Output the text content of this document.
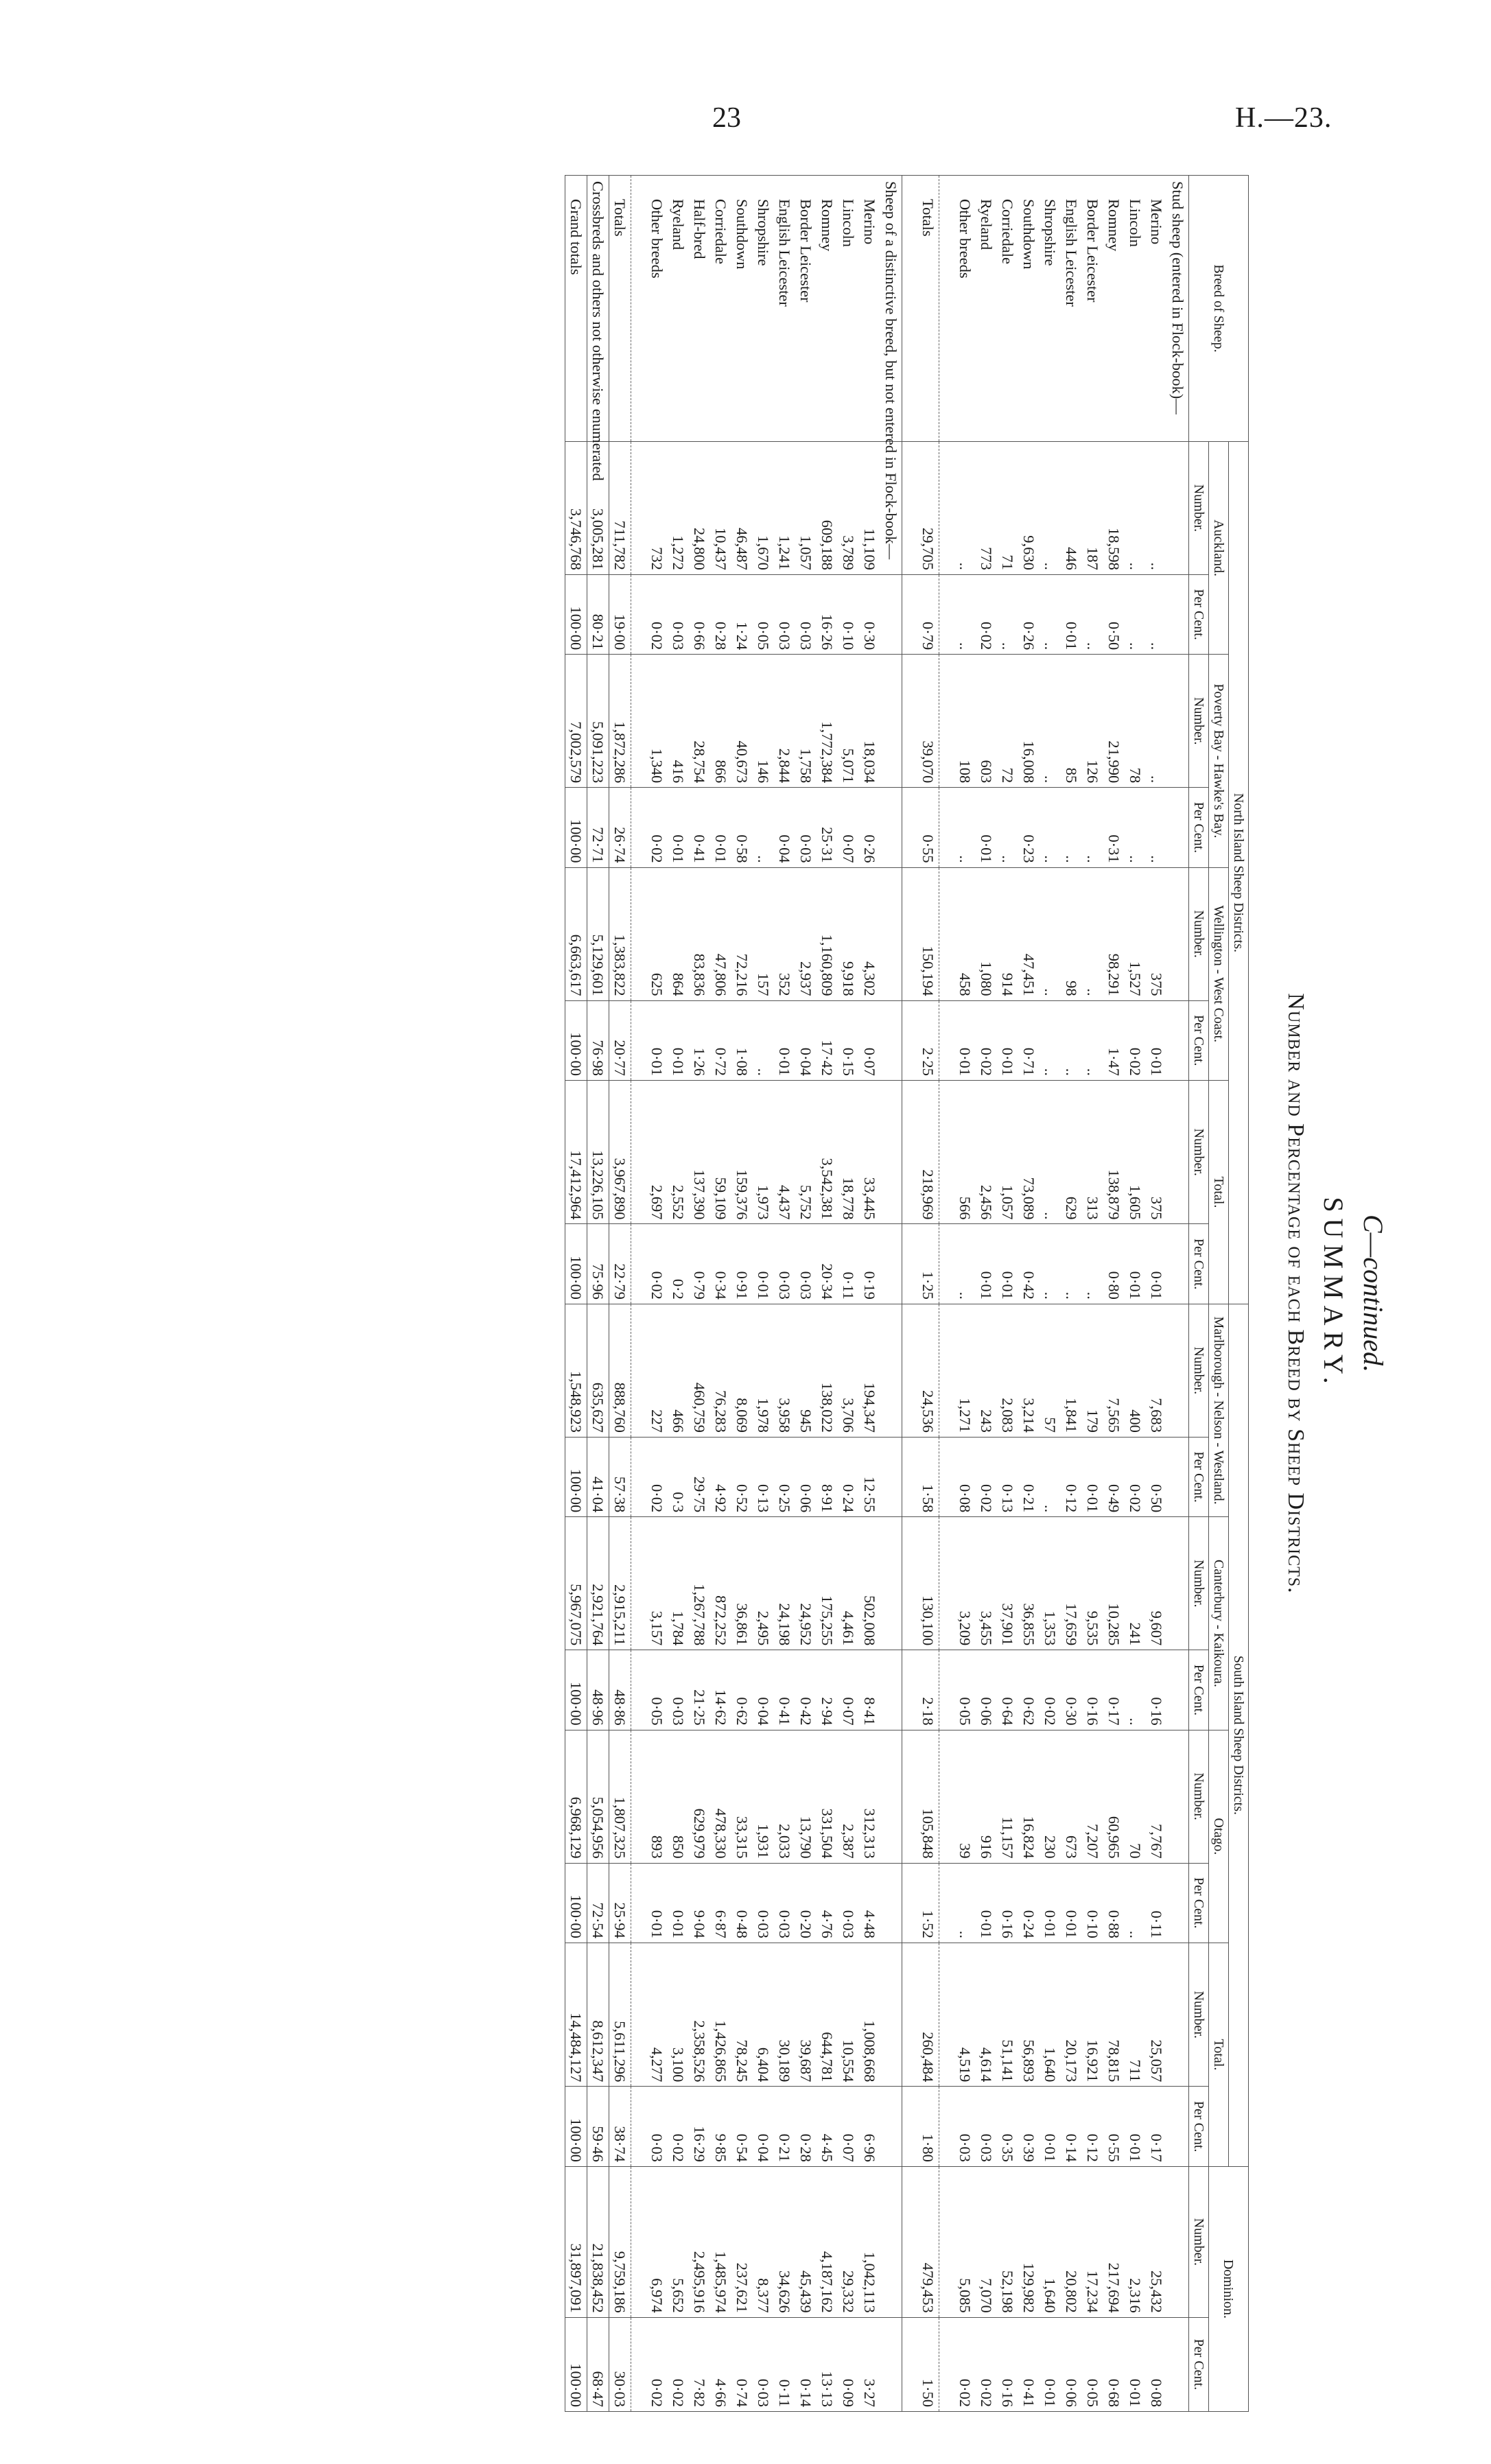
23	H.—23.
C—continued.
SUMMARY.
Number and Percentage of each Breed by Sheep Districts.
Breed of Sheep.	North Island Sheep Districts.								South Island Sheep Districts.								Dominion.	
	Auckland.		Poverty Bay - Hawke's Bay.		Wellington - West Coast.		Total.		Marlborough - Nelson - Westland.		Canterbury - Kaikoura.		Otago.		Total.			
	Number.	Per Cent.	Number.	Per Cent.	Number.	Per Cent.	Number.	Per Cent.	Number.	Per Cent.	Number.	Per Cent.	Number.	Per Cent.	Number.	Per Cent.	Number.	Per Cent.
Stud sheep (entered in Flock-book)—																		
Merino	..	..	..	..	375	0·01	375	0·01	7,683	0·50	9,607	0·16	7,767	0·11	25,057	0·17	25,432	0·08
Lincoln	..	..	78	..	1,527	0·02	1,605	0·01	400	0·02	241	..	70	..	711	0·01	2,316	0·01
Romney	18,598	0·50	21,990	0·31	98,291	1·47	138,879	0·80	7,565	0·49	10,285	0·17	60,965	0·88	78,815	0·55	217,694	0·68
Border Leicester	187	..	126	..	..	..	313	..	179	0·01	9,535	0·16	7,207	0·10	16,921	0·12	17,234	0·05
English Leicester	446	0·01	85	..	98	..	629	..	1,841	0·12	17,659	0·30	673	0·01	20,173	0·14	20,802	0·06
Shropshire	..	..	..	..	..	..	..	..	57	..	1,353	0·02	230	0·01	1,640	0·01	1,640	0·01
Southdown	9,630	0·26	16,008	0·23	47,451	0·71	73,089	0·42	3,214	0·21	36,855	0·62	16,824	0·24	56,893	0·39	129,982	0·41
Corriedale	71	..	72	..	914	0·01	1,057	0·01	2,083	0·13	37,901	0·64	11,157	0·16	51,141	0·35	52,198	0·16
Ryeland	773	0·02	603	0·01	1,080	0·02	2,456	0·01	243	0·02	3,455	0·06	916	0·01	4,614	0·03	7,070	0·02
Other breeds	..	..	108	..	458	0·01	566	..	1,271	0·08	3,209	0·05	39	..	4,519	0·03	5,085	0·02

Totals	29,705	0·79	39,070	0·55	150,194	2·25	218,969	1·25	24,536	1·58	130,100	2·18	105,848	1·52	260,484	1·80	479,453	1·50

Sheep of a distinctive breed, but not entered in Flock-book—																		
Merino	11,109	0·30	18,034	0·26	4,302	0·07	33,445	0·19	194,347	12·55	502,008	8·41	312,313	4·48	1,008,668	6·96	1,042,113	3·27
Lincoln	3,789	0·10	5,071	0·07	9,918	0·15	18,778	0·11	3,706	0·24	4,461	0·07	2,387	0·03	10,554	0·07	29,332	0·09
Romney	609,188	16·26	1,772,384	25·31	1,160,809	17·42	3,542,381	20·34	138,022	8·91	175,255	2·94	331,504	4·76	644,781	4·45	4,187,162	13·13
Border Leicester	1,057	0·03	1,758	0·03	2,937	0·04	5,752	0·03	945	0·06	24,952	0·42	13,790	0·20	39,687	0·28	45,439	0·14
English Leicester	1,241	0·03	2,844	0·04	352	0·01	4,437	0·03	3,958	0·25	24,198	0·41	2,033	0·03	30,189	0·21	34,626	0·11
Shropshire	1,670	0·05	146	..	157	..	1,973	0·01	1,978	0·13	2,495	0·04	1,931	0·03	6,404	0·04	8,377	0·03
Southdown	46,487	1·24	40,673	0·58	72,216	1·08	159,376	0·91	8,069	0·52	36,861	0·62	33,315	0·48	78,245	0·54	237,621	0·74
Corriedale	10,437	0·28	866	0·01	47,806	0·72	59,109	0·34	76,283	4·92	872,252	14·62	478,330	6·87	1,426,865	9·85	1,485,974	4·66
Half-bred	24,800	0·66	28,754	0·41	83,836	1·26	137,390	0·79	460,759	29·75	1,267,788	21·25	629,979	9·04	2,358,526	16·29	2,495,916	7·82
Ryeland	1,272	0·03	416	0·01	864	0·01	2,552	0·2	466	0·3	1,784	0·03	850	0·01	3,100	0·02	5,652	0·02
Other breeds	732	0·02	1,340	0·02	625	0·01	2,697	0·02	227	0·02	3,157	0·05	893	0·01	4,277	0·03	6,974	0·02

Totals	711,782	19·00	1,872,286	26·74	1,383,822	20·77	3,967,890	22·79	888,760	57·38	2,915,211	48·86	1,807,325	25·94	5,611,296	38·74	9,759,186	30·03
Crossbreds and others not otherwise enumerated	3,005,281	80·21	5,091,223	72·71	5,129,601	76·98	13,226,105	75·96	635,627	41·04	2,921,764	48·96	5,054,956	72·54	8,612,347	59·46	21,838,452	68·47
Grand totals	3,746,768	100·00	7,002,579	100·00	6,663,617	100·00	17,412,964	100·00	1,548,923	100·00	5,967,075	100·00	6,968,129	100·00	14,484,127	100·00	31,897,091	100·00
